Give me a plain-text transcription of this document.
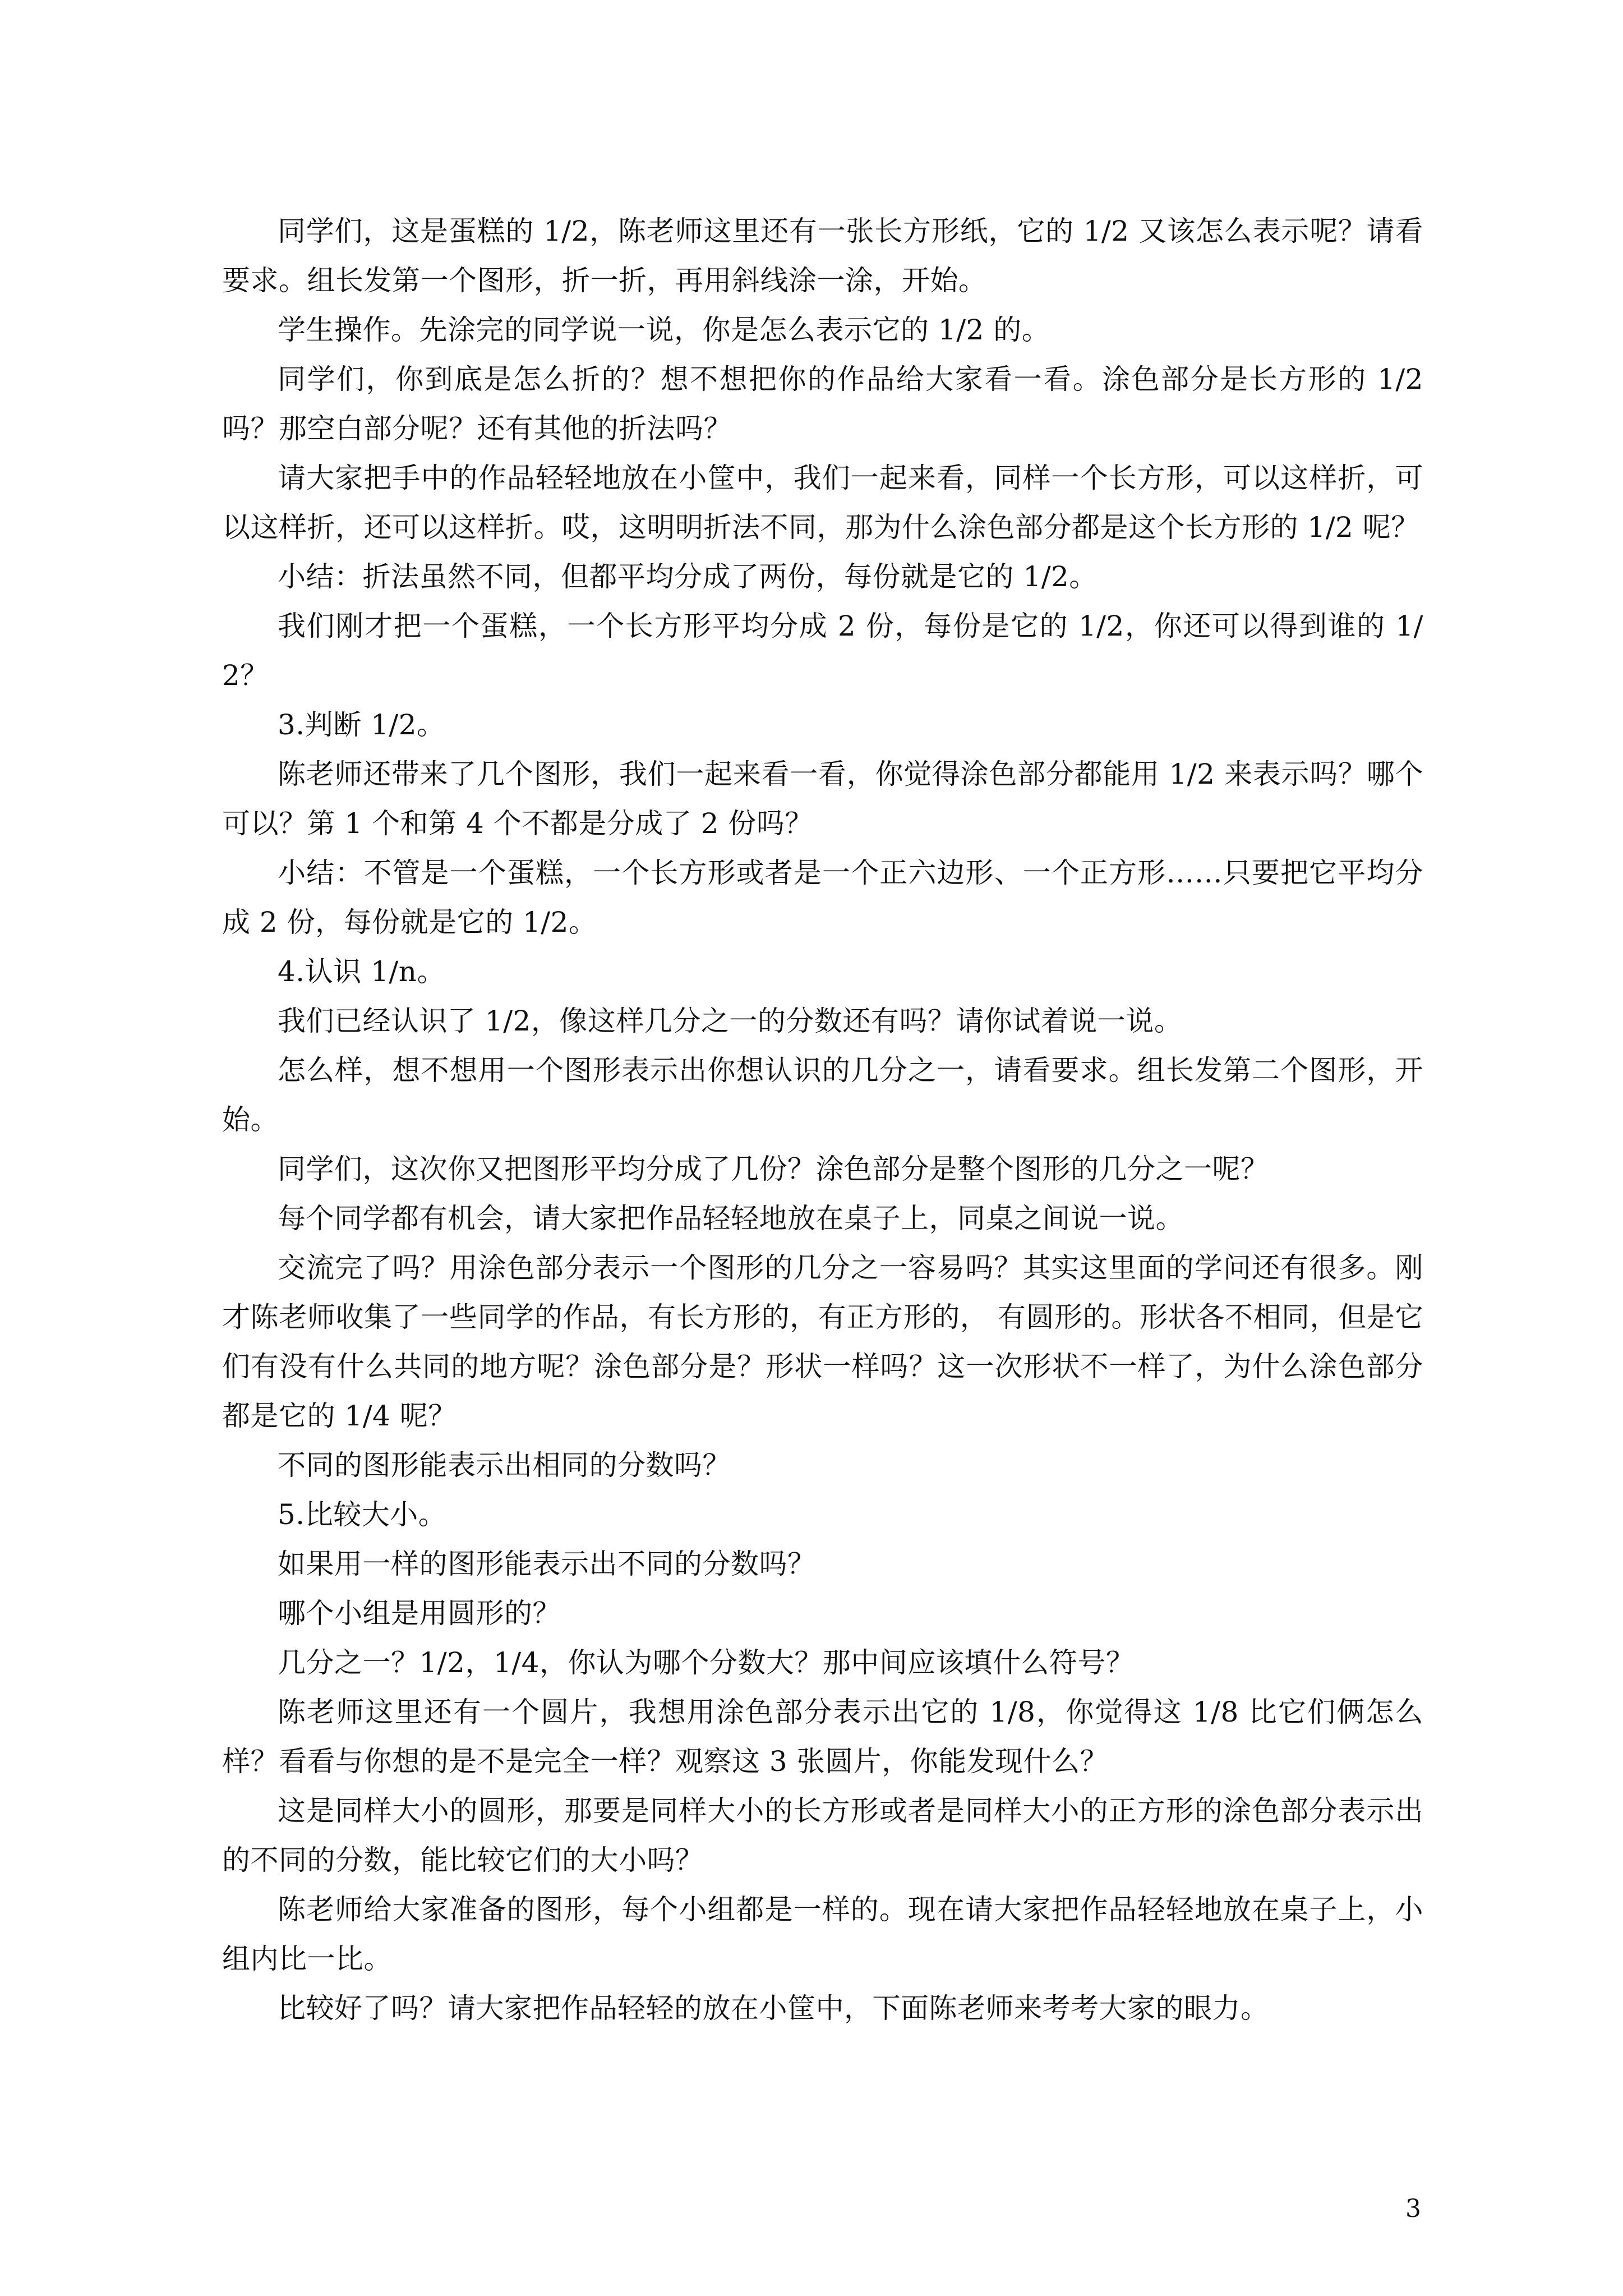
同学们，这是蛋糕的 1/2，陈老师这里还有一张长方形纸，它的 1/2 又该怎么表示呢？请看要求。组长发第一个图形，折一折，再用斜线涂一涂，开始。

学生操作。先涂完的同学说一说，你是怎么表示它的 1/2 的。

同学们，你到底是怎么折的？想不想把你的作品给大家看一看。涂色部分是长方形的 1/2 吗？那空白部分呢？还有其他的折法吗？

请大家把手中的作品轻轻地放在小筐中，我们一起来看，同样一个长方形，可以这样折，可以这样折，还可以这样折。哎，这明明折法不同，那为什么涂色部分都是这个长方形的 1/2 呢？

小结：折法虽然不同，但都平均分成了两份，每份就是它的 1/2。

我们刚才把一个蛋糕，一个长方形平均分成 2 份，每份是它的 1/2，你还可以得到谁的 1/2？

3.判断 1/2。

陈老师还带来了几个图形，我们一起来看一看，你觉得涂色部分都能用 1/2 来表示吗？哪个可以？第 1 个和第 4 个不都是分成了 2 份吗？

小结：不管是一个蛋糕，一个长方形或者是一个正六边形、一个正方形……只要把它平均分成 2 份，每份就是它的 1/2。

4.认识 1/n。

我们已经认识了 1/2，像这样几分之一的分数还有吗？请你试着说一说。

怎么样，想不想用一个图形表示出你想认识的几分之一，请看要求。组长发第二个图形，开始。

同学们，这次你又把图形平均分成了几份？涂色部分是整个图形的几分之一呢？

每个同学都有机会，请大家把作品轻轻地放在桌子上，同桌之间说一说。

交流完了吗？用涂色部分表示一个图形的几分之一容易吗？其实这里面的学问还有很多。刚才陈老师收集了一些同学的作品，有长方形的，有正方形的， 有圆形的。形状各不相同，但是它们有没有什么共同的地方呢？涂色部分是？形状一样吗？这一次形状不一样了，为什么涂色部分都是它的 1/4 呢？

不同的图形能表示出相同的分数吗？

5.比较大小。

如果用一样的图形能表示出不同的分数吗？

哪个小组是用圆形的？

几分之一？1/2，1/4，你认为哪个分数大？那中间应该填什么符号？

陈老师这里还有一个圆片，我想用涂色部分表示出它的 1/8，你觉得这 1/8 比它们俩怎么样？看看与你想的是不是完全一样？观察这 3 张圆片，你能发现什么？

这是同样大小的圆形，那要是同样大小的长方形或者是同样大小的正方形的涂色部分表示出的不同的分数，能比较它们的大小吗？

陈老师给大家准备的图形，每个小组都是一样的。现在请大家把作品轻轻地放在桌子上，小组内比一比。

比较好了吗？请大家把作品轻轻的放在小筐中，下面陈老师来考考大家的眼力。

3
